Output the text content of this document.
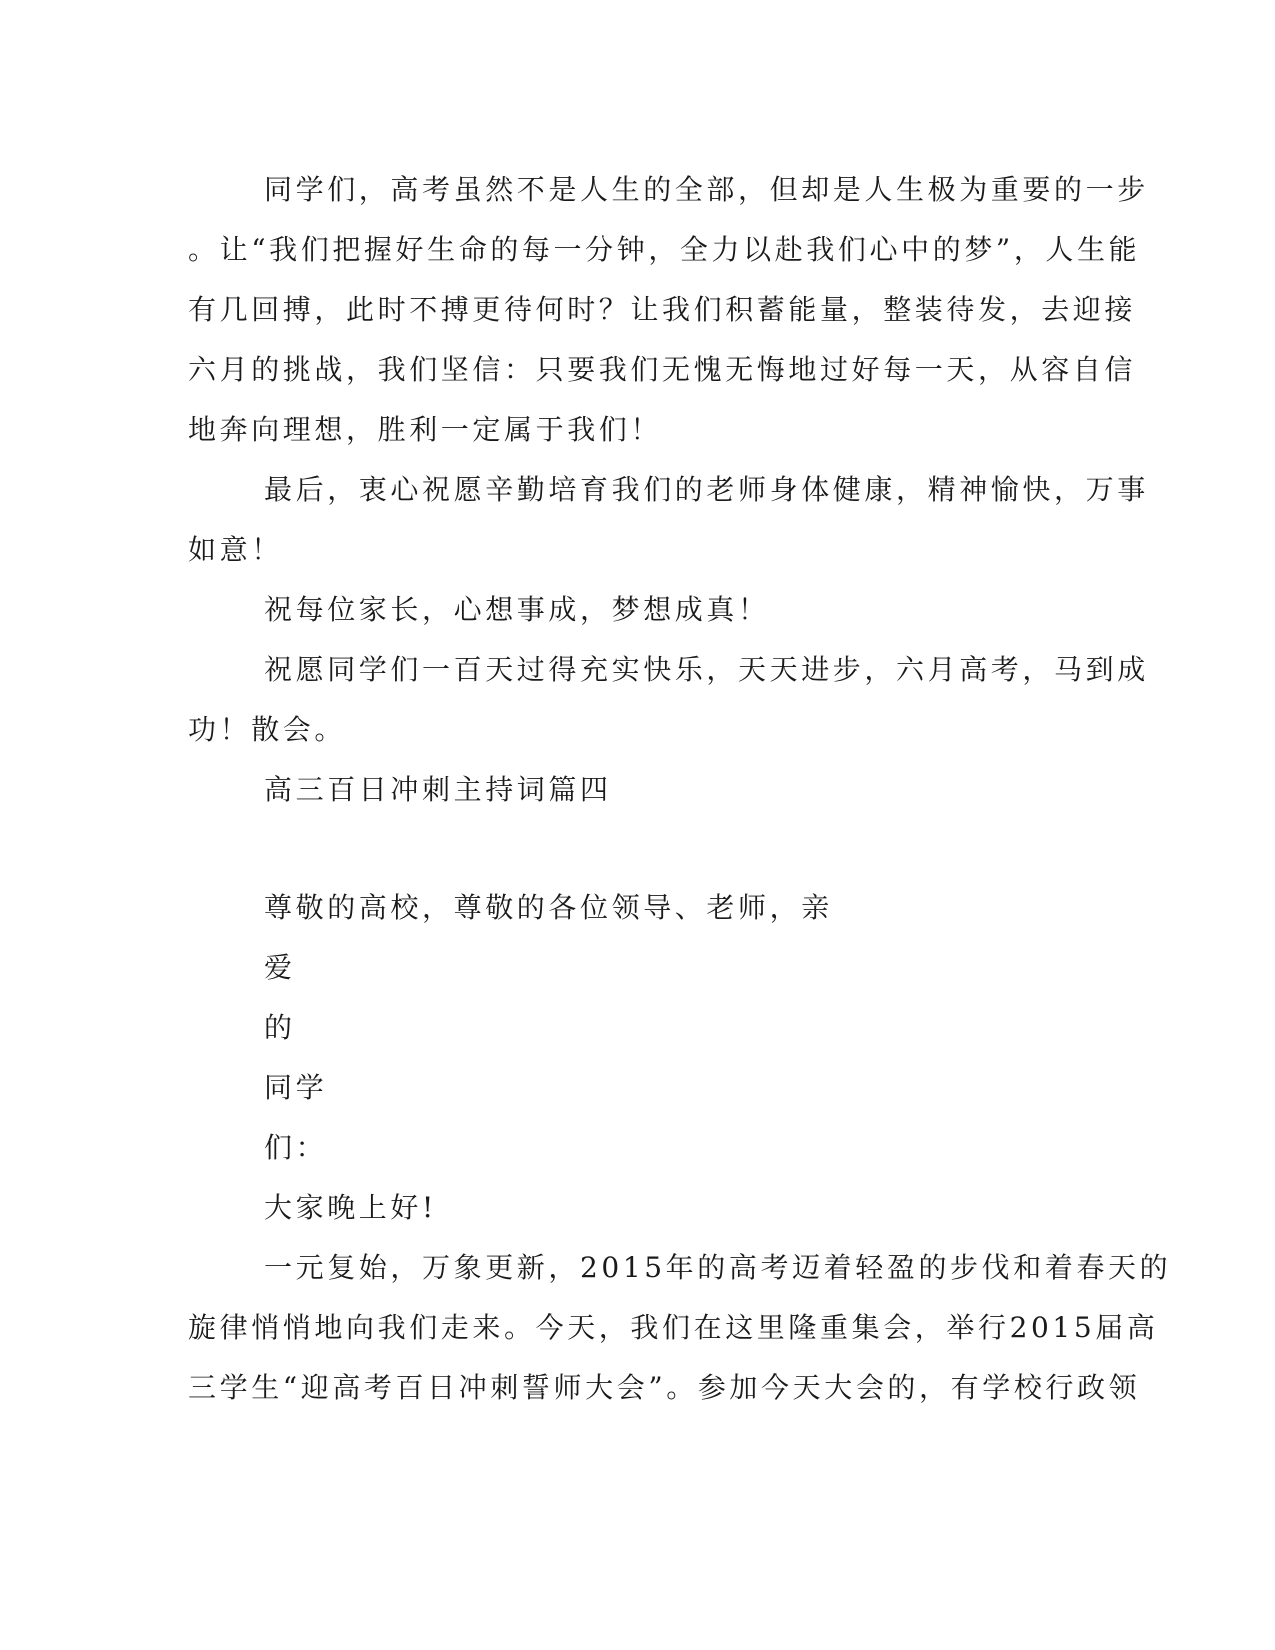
同学们，高考虽然不是人生的全部，但却是人生极为重要的一步
。让“我们把握好生命的每一分钟，全力以赴我们心中的梦”，人生能
有几回搏，此时不搏更待何时？让我们积蓄能量，整装待发，去迎接
六月的挑战，我们坚信：只要我们无愧无悔地过好每一天，从容自信
地奔向理想，胜利一定属于我们！
最后，衷心祝愿辛勤培育我们的老师身体健康，精神愉快，万事
如意！
祝每位家长，心想事成，梦想成真！
祝愿同学们一百天过得充实快乐，天天进步，六月高考，马到成
功！散会。
高三百日冲刺主持词篇四
尊敬的高校，尊敬的各位领导、老师，亲
爱
的
同学
们：
大家晚上好!
一元复始，万象更新，2015年的高考迈着轻盈的步伐和着春天的
旋律悄悄地向我们走来。今天，我们在这里隆重集会，举行2015届高
三学生“迎高考百日冲刺誓师大会”。参加今天大会的，有学校行政领
